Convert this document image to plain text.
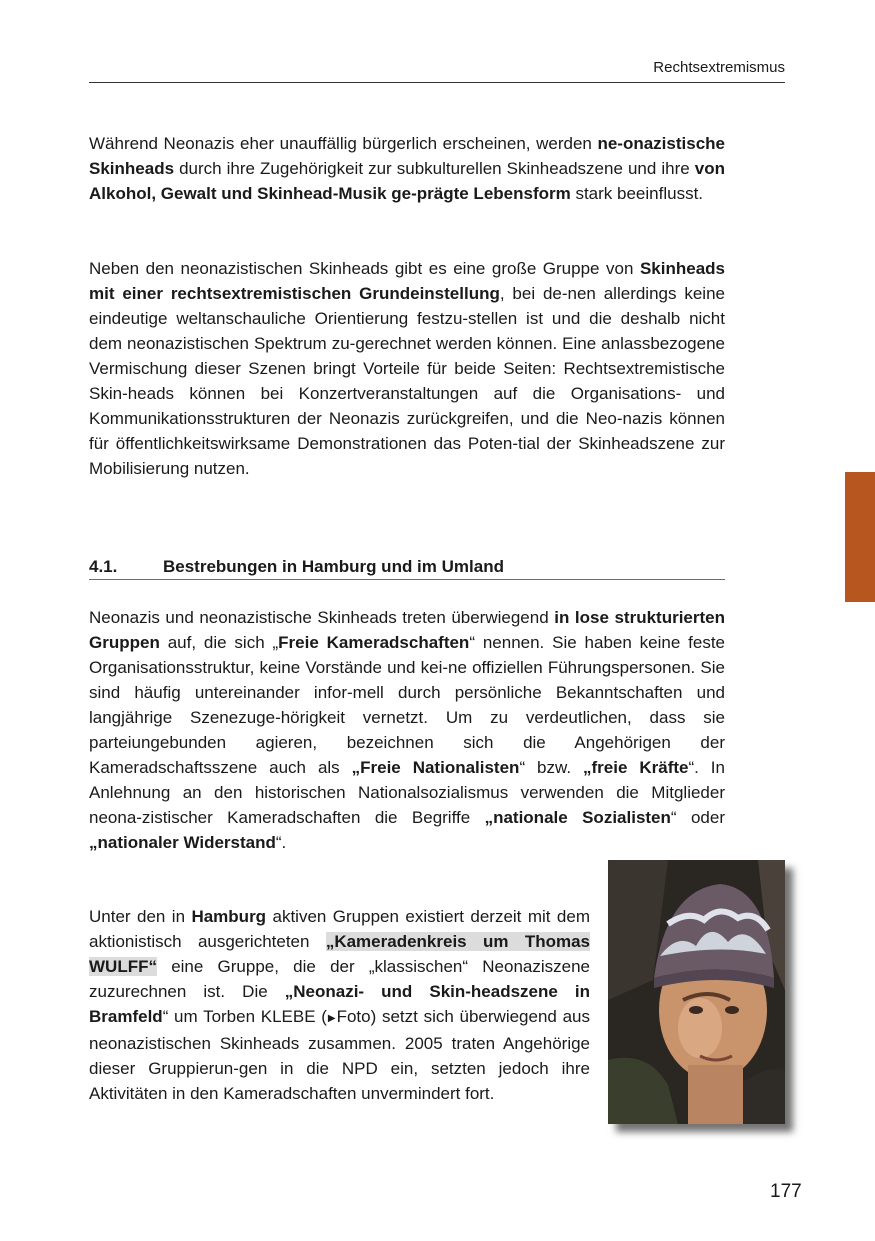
Rechtsextremismus

Während Neonazis eher unauffällig bürgerlich erscheinen, werden ne-onazistische Skinheads durch ihre Zugehörigkeit zur subkulturellen Skinheadszene und ihre von Alkohol, Gewalt und Skinhead-Musik ge-prägte Lebensform stark beeinflusst.

Neben den neonazistischen Skinheads gibt es eine große Gruppe von Skinheads mit einer rechtsextremistischen Grundeinstellung, bei de-nen allerdings keine eindeutige weltanschauliche Orientierung festzu-stellen ist und die deshalb nicht dem neonazistischen Spektrum zu-gerechnet werden können. Eine anlassbezogene Vermischung dieser Szenen bringt Vorteile für beide Seiten: Rechtsextremistische Skin-heads können bei Konzertveranstaltungen auf die Organisations- und Kommunikationsstrukturen der Neonazis zurückgreifen, und die Neo-nazis können für öffentlichkeitswirksame Demonstrationen das Poten-tial der Skinheadszene zur Mobilisierung nutzen.

4.1.	Bestrebungen in Hamburg und im Umland

Neonazis und neonazistische Skinheads treten überwiegend in lose strukturierten Gruppen auf, die sich „Freie Kameradschaften“ nennen. Sie haben keine feste Organisationsstruktur, keine Vorstände und kei-ne offiziellen Führungspersonen. Sie sind häufig untereinander infor-mell durch persönliche Bekanntschaften und langjährige Szenezuge-hörigkeit vernetzt. Um zu verdeutlichen, dass sie parteiungebunden agieren, bezeichnen sich die Angehörigen der Kameradschaftsszene auch als „Freie Nationalisten“ bzw. „freie Kräfte“. In Anlehnung an den historischen Nationalsozialismus verwenden die Mitglieder neona-zistischer Kameradschaften die Begriffe „nationale Sozialisten“ oder „nationaler Widerstand“.

Unter den in Hamburg aktiven Gruppen existiert derzeit mit dem aktionistisch ausgerichteten „Kameradenkreis um Thomas WULFF“ eine Gruppe, die der „klassischen“ Neonaziszene zuzurechnen ist. Die „Neonazi- und Skin-headszene in Bramfeld“ um Torben KLEBE (▶Foto) setzt sich überwiegend aus neonazistischen Skinheads zusammen. 2005 traten Angehörige dieser Gruppierun-gen in die NPD ein, setzten jedoch ihre Aktivitäten in den Kameradschaften unvermindert fort.

177
